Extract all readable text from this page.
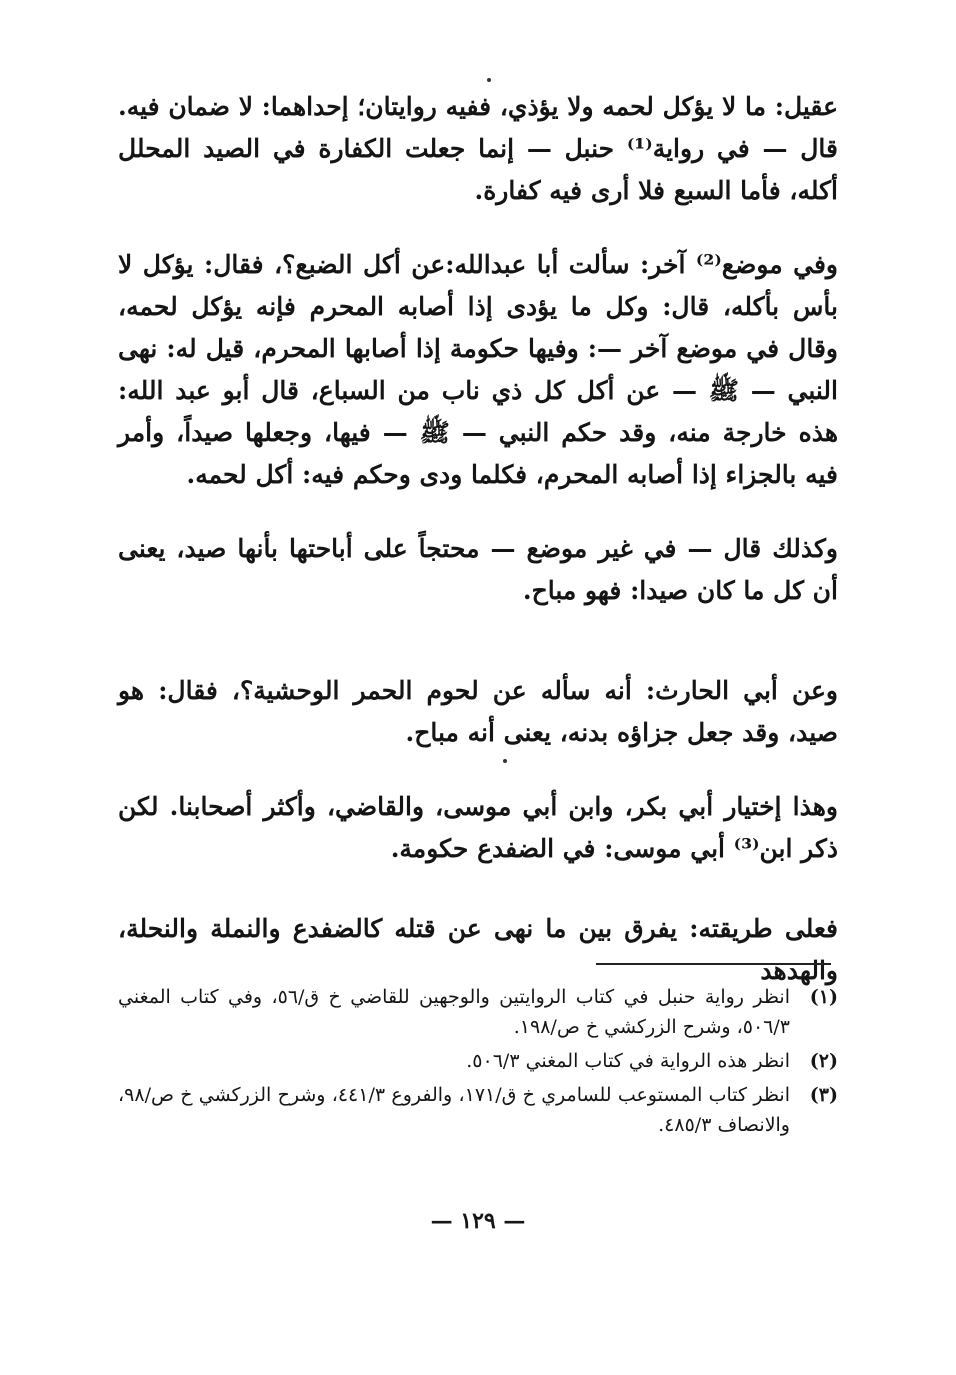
عقيل: ما لا يؤكل لحمه ولا يؤذي، ففيه روايتان؛ إحداهما: لا ضمان فيه. قال — في رواية⁽¹⁾ حنبل — إنما جعلت الكفارة في الصيد المحلل أكله، فأما السبع فلا أرى فيه كفارة.

وفي موضع⁽²⁾ آخر: سألت أبا عبدالله:عن أكل الضبع؟، فقال: يؤكل لا بأس بأكله، قال: وكل ما يؤدى إذا أصابه المحرم فإنه يؤكل لحمه، وقال في موضع آخر —: وفيها حكومة إذا أصابها المحرم، قيل له: نهى النبي — ﷺ — عن أكل كل ذي ناب من السباع، قال أبو عبد الله: هذه خارجة منه، وقد حكم النبي — ﷺ — فيها، وجعلها صيداً، وأمر فيه بالجزاء إذا أصابه المحرم، فكلما ودى وحكم فيه: أكل لحمه.

وكذلك قال — في غير موضع — محتجاً على أباحتها بأنها صيد، يعنى أن كل ما كان صيدا: فهو مباح.

وعن أبي الحارث: أنه سأله عن لحوم الحمر الوحشية؟، فقال: هو صيد، وقد جعل جزاؤه بدنه، يعنى أنه مباح.

وهذا إختيار أبي بكر، وابن أبي موسى، والقاضي، وأكثر أصحابنا. لكن ذكر ابن⁽³⁾ أبي موسى: في الضفدع حكومة.

فعلى طريقته: يفرق بين ما نهى عن قتله كالضفدع والنملة والنحلة، والهدهد

(١)
انظر رواية حنبل في كتاب الروايتين والوجهين للقاضي خ ق/٥٦، وفي كتاب المغني ٥٠٦/٣، وشرح الزركشي خ ص/١٩٨.
(٢)
انظر هذه الرواية في كتاب المغني ٥٠٦/٣.
(٣)
انظر كتاب المستوعب للسامري خ ق/١٧١، والفروع ٤٤١/٣، وشرح الزركشي خ ص/٩٨، والانصاف ٤٨٥/٣.
— ١٢٩ —
